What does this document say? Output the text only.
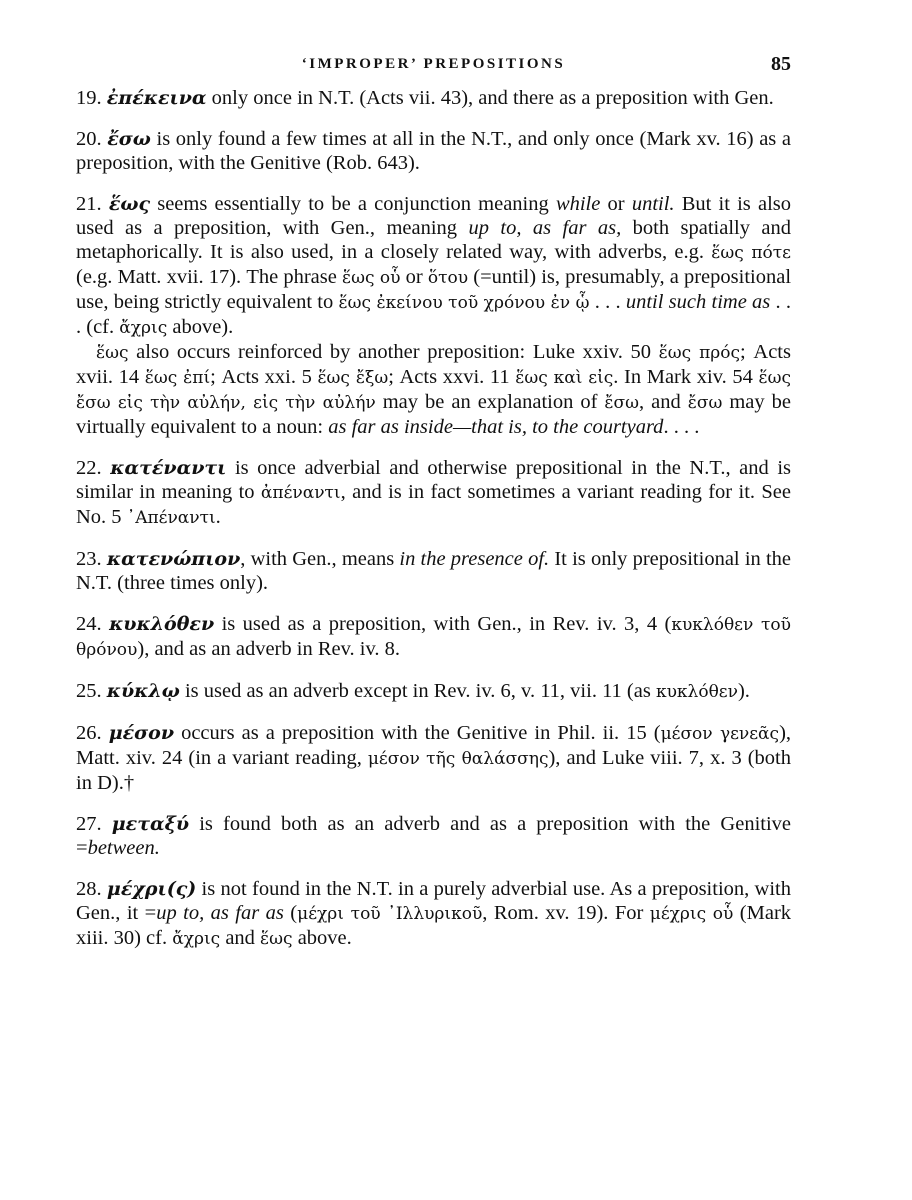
‘IMPROPER’ PREPOSITIONS	85

19. ἐπέκεινα only once in N.T. (Acts vii. 43), and there as a preposition with Gen.

20. ἔσω is only found a few times at all in the N.T., and only once (Mark xv. 16) as a preposition, with the Genitive (Rob. 643).

21. ἕως seems essentially to be a conjunction meaning while or until. But it is also used as a preposition, with Gen., meaning up to, as far as, both spatially and metaphorically. It is also used, in a closely related way, with adverbs, e.g. ἕως πότε (e.g. Matt. xvii. 17). The phrase ἕως οὗ or ὅτου (=until) is, presumably, a prepositional use, being strictly equivalent to ἕως ἐκείνου τοῦ χρόνου ἐν ᾧ . . . until such time as . . . (cf. ἄχρις above).

ἕως also occurs reinforced by another preposition: Luke xxiv. 50 ἕως πρός; Acts xvii. 14 ἕως ἐπί; Acts xxi. 5 ἕως ἔξω; Acts xxvi. 11 ἕως καὶ εἰς. In Mark xiv. 54 ἕως ἔσω εἰς τὴν αὐλήν, εἰς τὴν αὐλήν may be an explanation of ἔσω, and ἔσω may be virtually equivalent to a noun: as far as inside—that is, to the courtyard. . . .

22. κατέναντι is once adverbial and otherwise prepositional in the N.T., and is similar in meaning to ἀπέναντι, and is in fact sometimes a variant reading for it. See No. 5 ᾿Απέναντι.

23. κατενώπιον, with Gen., means in the presence of. It is only prepositional in the N.T. (three times only).

24. κυκλόθεν is used as a preposition, with Gen., in Rev. iv. 3, 4 (κυκλόθεν τοῦ θρόνου), and as an adverb in Rev. iv. 8.

25. κύκλῳ is used as an adverb except in Rev. iv. 6, v. 11, vii. 11 (as κυκλόθεν).

26. μέσον occurs as a preposition with the Genitive in Phil. ii. 15 (μέσον γενεᾶς), Matt. xiv. 24 (in a variant reading, μέσον τῆς θαλάσσης), and Luke viii. 7, x. 3 (both in D).†

27. μεταξύ is found both as an adverb and as a preposition with the Genitive =between.

28. μέχρι(ς) is not found in the N.T. in a purely adverbial use. As a preposition, with Gen., it =up to, as far as (μέχρι τοῦ ᾿Ιλλυρικοῦ, Rom. xv. 19). For μέχρις οὗ (Mark xiii. 30) cf. ἄχρις and ἕως above.
